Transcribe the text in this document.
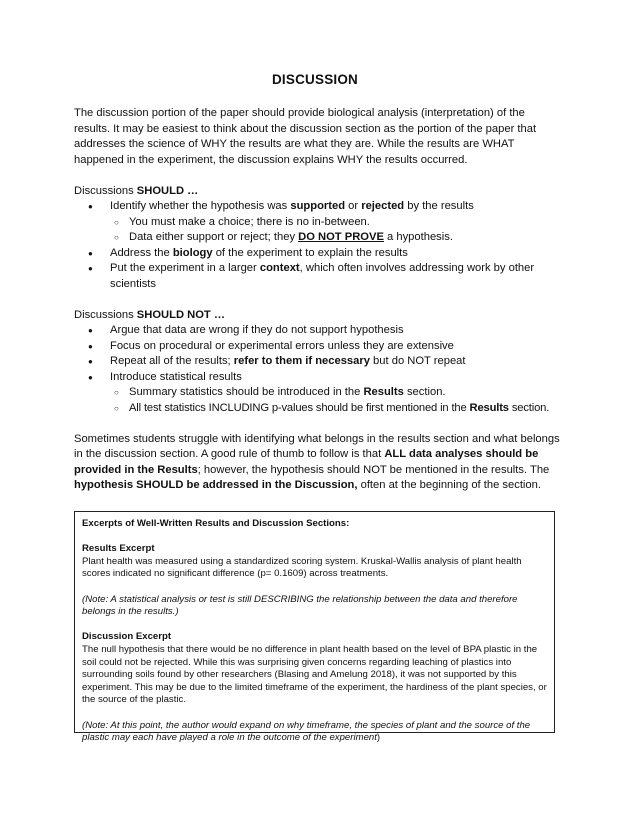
DISCUSSION

The discussion portion of the paper should provide biological analysis (interpretation) of the results. It may be easiest to think about the discussion section as the portion of the paper that addresses the science of WHY the results are what they are. While the results are WHAT happened in the experiment, the discussion explains WHY the results occurred.

Discussions SHOULD …

● Identify whether the hypothesis was supported or rejected by the results
○ You must make a choice; there is no in-between.
○ Data either support or reject; they DO NOT PROVE a hypothesis.
● Address the biology of the experiment to explain the results
● Put the experiment in a larger context, which often involves addressing work by other scientists

Discussions SHOULD NOT …

● Argue that data are wrong if they do not support hypothesis
● Focus on procedural or experimental errors unless they are extensive
● Repeat all of the results; refer to them if necessary but do NOT repeat
● Introduce statistical results
○ Summary statistics should be introduced in the Results section.
○ All test statistics INCLUDING p-values should be first mentioned in the Results section.

Sometimes students struggle with identifying what belongs in the results section and what belongs in the discussion section. A good rule of thumb to follow is that ALL data analyses should be provided in the Results; however, the hypothesis should NOT be mentioned in the results. The hypothesis SHOULD be addressed in the Discussion, often at the beginning of the section.

Excerpts of Well-Written Results and Discussion Sections:

Results Excerpt

Plant health was measured using a standardized scoring system. Kruskal-Wallis analysis of plant health scores indicated no significant difference (p= 0.1609) across treatments.

(Note: A statistical analysis or test is still DESCRIBING the relationship between the data and therefore belongs in the results.)

Discussion Excerpt

The null hypothesis that there would be no difference in plant health based on the level of BPA plastic in the soil could not be rejected. While this was surprising given concerns regarding leaching of plastics into surrounding soils found by other researchers (Blasing and Amelung 2018), it was not supported by this experiment. This may be due to the limited timeframe of the experiment, the hardiness of the plant species, or the source of the plastic.

(Note: At this point, the author would expand on why timeframe, the species of plant and the source of the plastic may each have played a role in the outcome of the experiment)
